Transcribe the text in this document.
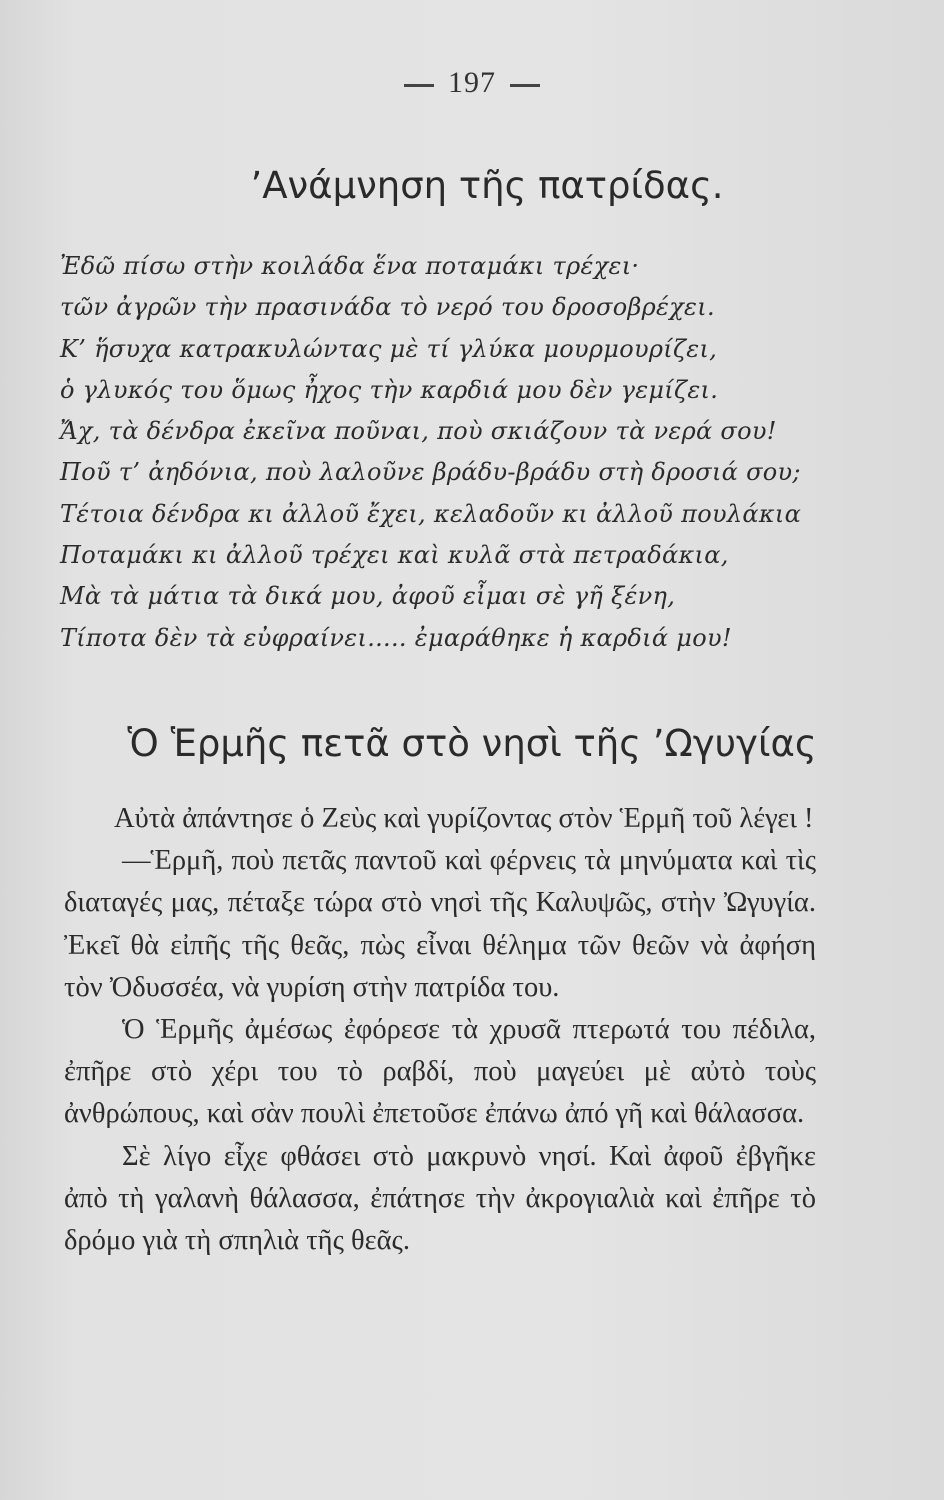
197
’Ανάμνηση τῆς πατρίδας.
Ἐδῶ πίσω στὴν κοιλάδα ἕνα ποταμάκι τρέχει·
τῶν ἀγρῶν τὴν πρασινάδα τὸ νερό του δροσοβρέχει.
Κ’ ἥσυχα κατρακυλώντας μὲ τί γλύκα μουρμουρίζει,
ὁ γλυκός του ὅμως ἦχος τὴν καρδιά μου δὲν γεμίζει.
Ἄχ, τὰ δένδρα ἐκεῖνα ποῦναι, ποὺ σκιάζουν τὰ νερά σου!
Ποῦ τ’ ἀηδόνια, ποὺ λαλοῦνε βράδυ-βράδυ στὴ δροσιά σου;
Τέτοια δένδρα κι ἀλλοῦ ἔχει, κελαδοῦν κι ἀλλοῦ πουλάκια
Ποταμάκι κι ἀλλοῦ τρέχει καὶ κυλᾶ στὰ πετραδάκια,
Μὰ τὰ μάτια τὰ δικά μου, ἀφοῦ εἶμαι σὲ γῆ ξένη,
Τίποτα δὲν τὰ εὐφραίνει..... ἐμαράθηκε ἡ καρδιά μου!
Ὁ Ἑρμῆς πετᾶ στὸ νησὶ τῆς ’Ωγυγίας

Αὐτὰ ἀπάντησε ὁ Ζεὺς καὶ γυρίζοντας στὸν Ἑρμῆ τοῦ λέγει !

—Ἑρμῆ, ποὺ πετᾶς παντοῦ καὶ φέρνεις τὰ μηνύματα καὶ τὶς διαταγές μας, πέταξε τώρα στὸ νησὶ τῆς Καλυψῶς, στὴν Ὠγυγία. Ἐκεῖ θὰ εἰπῆς τῆς θεᾶς, πὼς εἶναι θέλημα τῶν θεῶν νὰ ἀφήση τὸν Ὀδυσσέα, νὰ γυρίση στὴν πατρίδα του.

Ὁ Ἑρμῆς ἀμέσως ἐφόρεσε τὰ χρυσᾶ πτερωτά του πέδιλα, ἐπῆρε στὸ χέρι του τὸ ραβδί, ποὺ μαγεύει μὲ αὐτὸ τοὺς ἀνθρώπους, καὶ σὰν πουλὶ ἐπετοῦσε ἐπάνω ἀπό γῆ καὶ θάλασσα.

Σὲ λίγο εἶχε φθάσει στὸ μακρυνὸ νησί. Καὶ ἀφοῦ ἐβγῆκε ἀπὸ τὴ γαλανὴ θάλασσα, ἐπάτησε τὴν ἀκρογιαλιὰ καὶ ἐπῆρε τὸ δρόμο γιὰ τὴ σπηλιὰ τῆς θεᾶς.
